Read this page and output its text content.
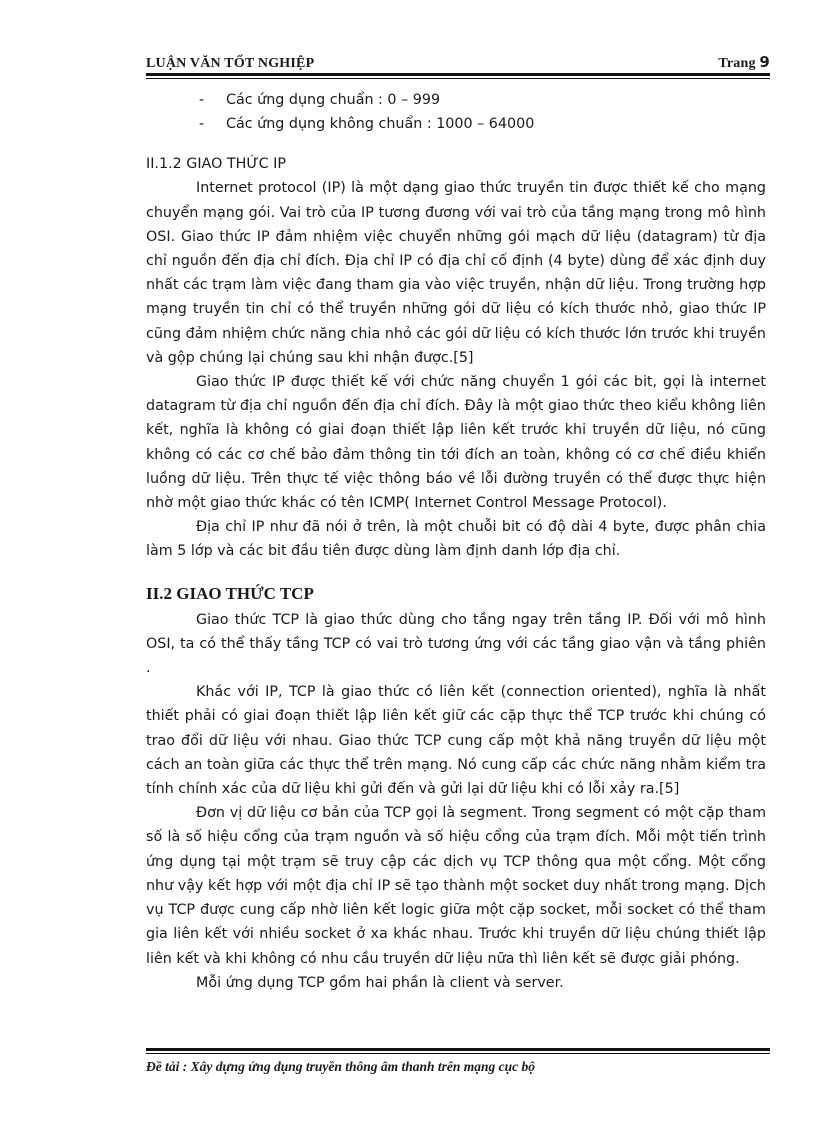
LUẬN VĂN TỐT NGHIỆP	Trang 9
- Các ứng dụng chuẩn : 0 – 999
- Các ứng dụng không chuẩn : 1000 – 64000
II.1.2 GIAO THỨC IP

Internet protocol (IP) là một dạng giao thức truyền tin được thiết kế cho mạng chuyển mạng gói. Vai trò của IP tương đương với vai trò của tầng mạng trong mô hình OSI. Giao thức IP đảm nhiệm việc chuyển những gói mạch dữ liệu (datagram) từ địa chỉ nguồn đến địa chỉ đích. Địa chỉ IP có địa chỉ cố định (4 byte) dùng để xác định duy nhất các trạm làm việc đang tham gia vào việc truyền, nhận dữ liệu. Trong trường hợp mạng truyền tin chỉ có thể truyền những gói dữ liệu có kích thước nhỏ, giao thức IP cũng đảm nhiệm chức năng chia nhỏ các gói dữ liệu có kích thước lớn trước khi truyền và gộp chúng lại chúng sau khi nhận được.[5]

Giao thức IP được thiết kế với chức năng chuyển 1 gói các bit, gọi là internet datagram từ địa chỉ nguồn đến địa chỉ đích. Đây là một giao thức theo kiểu không liên kết, nghĩa là không có giai đoạn thiết lập liên kết trước khi truyền dữ liệu, nó cũng không có các cơ chế bảo đảm thông tin tới đích an toàn, không có cơ chế điều khiển luồng dữ liệu. Trên thực tế việc thông báo về lỗi đường truyền có thể được thực hiện nhờ một giao thức khác có tên ICMP( Internet Control Message Protocol).

Địa chỉ IP như đã nói ở trên, là một chuỗi bit có độ dài 4 byte, được phân chia làm 5 lớp và các bit đầu tiên được dùng làm định danh lớp địa chỉ.

II.2 GIAO THỨC TCP

Giao thức TCP là giao thức dùng cho tầng ngay trên tầng IP. Đối với mô hình OSI, ta có thể thấy tầng TCP có vai trò tương ứng với các tầng giao vận và tầng phiên .

Khác với IP, TCP là giao thức có liên kết (connection oriented), nghĩa là nhất thiết phải có giai đoạn thiết lập liên kết giữ các cặp thực thể TCP trước khi chúng có trao đổi dữ liệu với nhau. Giao thức TCP cung cấp một khả năng truyền dữ liệu một cách an toàn giữa các thực thể trên mạng. Nó cung cấp các chức năng nhằm kiểm tra tính chính xác của dữ liệu khi gửi đến và gửi lại dữ liệu khi có lỗi xảy ra.[5]

Đơn vị dữ liệu cơ bản của TCP gọi là segment. Trong segment có một cặp tham số là số hiệu cổng của trạm nguồn và số hiệu cổng của trạm đích. Mỗi một tiến trình ứng dụng tại một trạm sẽ truy cập các dịch vụ TCP thông qua một cổng. Một cổng như vậy kết hợp với một địa chỉ IP sẽ tạo thành một socket duy nhất trong mạng. Dịch vụ TCP được cung cấp nhờ liên kết logic giữa một cặp socket, mỗi socket có thể tham gia liên kết với nhiều socket ở xa khác nhau. Trước khi truyền dữ liệu chúng thiết lập liên kết và khi không có nhu cầu truyền dữ liệu nữa thì liên kết sẽ được giải phóng.

Mỗi ứng dụng TCP gồm hai phần là client và server.

Đề tài : Xây dựng ứng dụng truyền thông âm thanh trên mạng cục bộ
